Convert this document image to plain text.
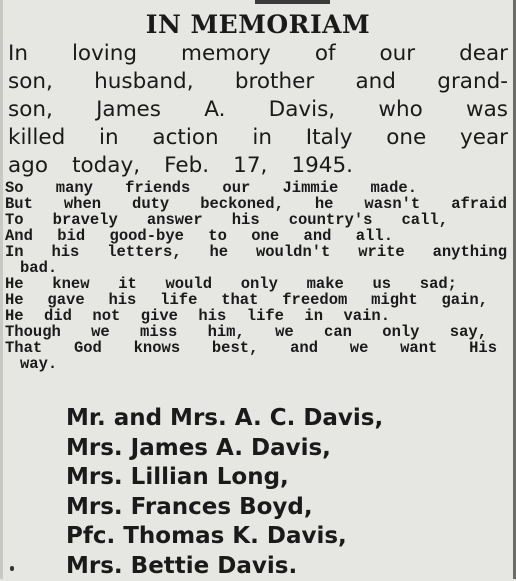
IN MEMORIAM
In loving memory of our dear
son, husband, brother and grand-
son, James A. Davis, who was
killed in action in Italy one year
ago today, Feb. 17, 1945.
So many friends our Jimmie made.
But when duty beckoned, he wasn't afraid
To bravely answer his country's call,
And bid good-bye to one and all.
In his letters, he wouldn't write anything
bad.
He knew it would only make us sad;
He gave his life that freedom might gain,
He did not give his life in vain.
Though we miss him, we can only say,
That God knows best, and we want His
way.
Mr. and Mrs. A. C. Davis,
Mrs. James A. Davis,
Mrs. Lillian Long,
Mrs. Frances Boyd,
Pfc. Thomas K. Davis,
Mrs. Bettie Davis.
